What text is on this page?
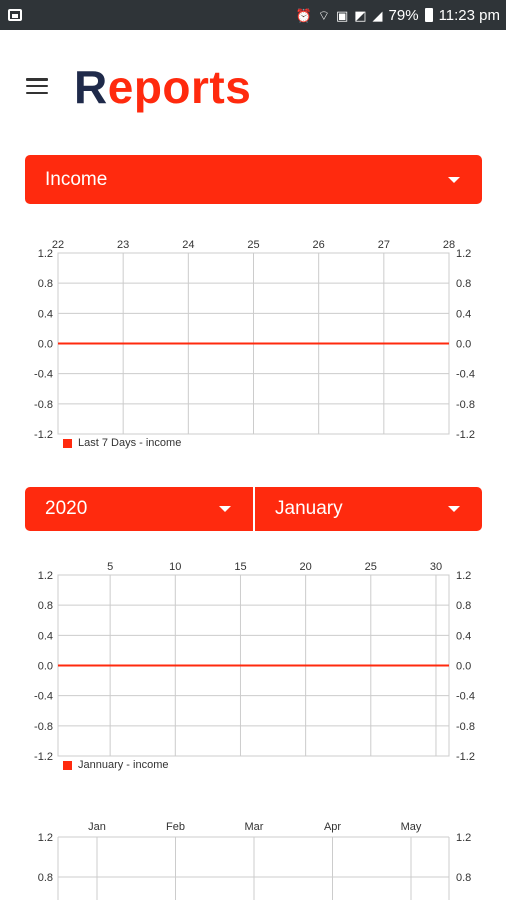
⏰ ⌔ ▣ ◩ ◢ 79% 11:23 pm
Reports
Income
1.2	1.2
0.8	0.8
0.4	0.4
0.0	0.0
-0.4	-0.4
-0.8	-0.8
-1.2	-1.2
22	23	24	25	26	27	28
Last 7 Days - income
2020	January
1.2	1.2
0.8	0.8
0.4	0.4
0.0	0.0
-0.4	-0.4
-0.8	-0.8
-1.2	-1.2
5	10	15	20	25	30
Jannuary - income
1.2	1.2
0.8	0.8
Jan	Feb	Mar	Apr	May
